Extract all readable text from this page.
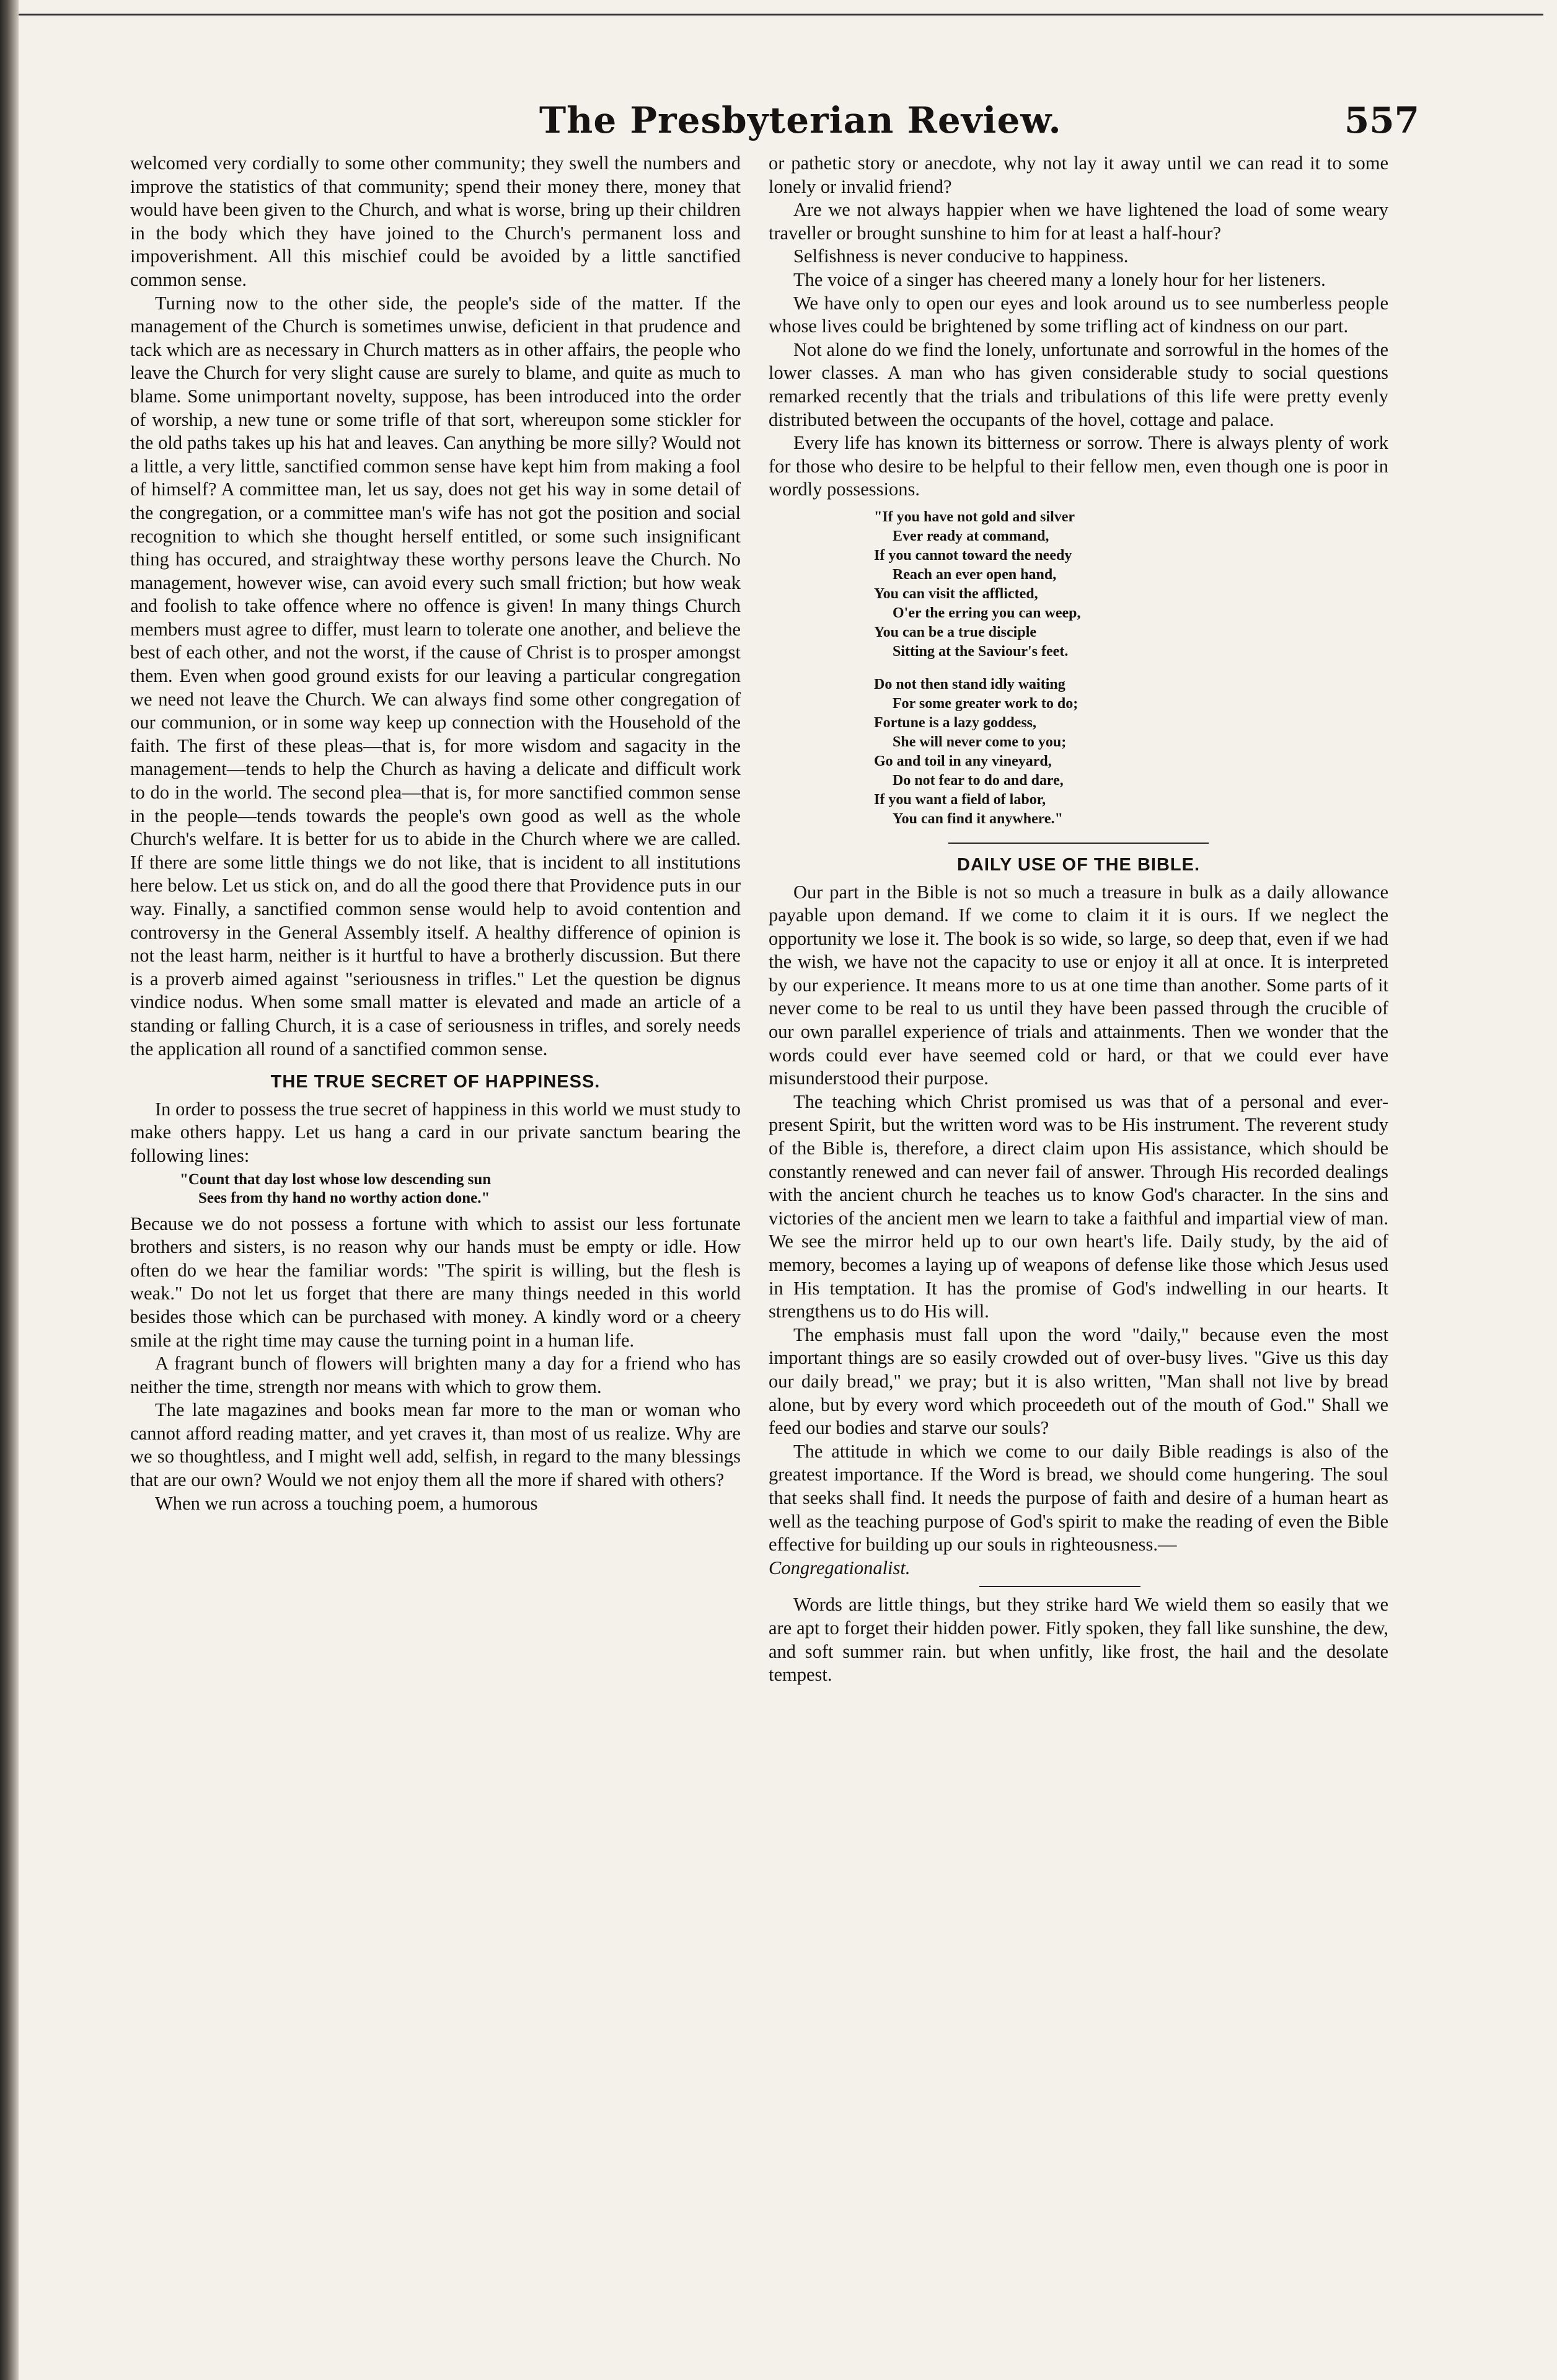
The Presbyterian Review.	557

welcomed very cordially to some other community; they swell the numbers and improve the statistics of that community; spend their money there, money that would have been given to the Church, and what is worse, bring up their children in the body which they have joined to the Church's permanent loss and impoverishment. All this mischief could be avoided by a little sanctified common sense.

Turning now to the other side, the people's side of the matter. If the management of the Church is sometimes unwise, deficient in that prudence and tack which are as necessary in Church matters as in other affairs, the people who leave the Church for very slight cause are surely to blame, and quite as much to blame. Some unimportant novelty, suppose, has been introduced into the order of worship, a new tune or some trifle of that sort, whereupon some stickler for the old paths takes up his hat and leaves. Can anything be more silly? Would not a little, a very little, sanctified common sense have kept him from making a fool of himself? A committee man, let us say, does not get his way in some detail of the congregation, or a committee man's wife has not got the position and social recognition to which she thought herself entitled, or some such insignificant thing has occured, and straightway these worthy persons leave the Church. No management, however wise, can avoid every such small friction; but how weak and foolish to take offence where no offence is given! In many things Church members must agree to differ, must learn to tolerate one another, and believe the best of each other, and not the worst, if the cause of Christ is to prosper amongst them. Even when good ground exists for our leaving a particular congregation we need not leave the Church. We can always find some other congregation of our communion, or in some way keep up connection with the Household of the faith. The first of these pleas—that is, for more wisdom and sagacity in the management—tends to help the Church as having a delicate and difficult work to do in the world. The second plea—that is, for more sanctified common sense in the people—tends towards the people's own good as well as the whole Church's welfare. It is better for us to abide in the Church where we are called. If there are some little things we do not like, that is incident to all institutions here below. Let us stick on, and do all the good there that Providence puts in our way. Finally, a sanctified common sense would help to avoid contention and controversy in the General Assembly itself. A healthy difference of opinion is not the least harm, neither is it hurtful to have a brotherly discussion. But there is a proverb aimed against "seriousness in trifles." Let the question be dignus vindice nodus. When some small matter is elevated and made an article of a standing or falling Church, it is a case of seriousness in trifles, and sorely needs the application all round of a sanctified common sense.

THE TRUE SECRET OF HAPPINESS.

In order to possess the true secret of happiness in this world we must study to make others happy. Let us hang a card in our private sanctum bearing the following lines:

"Count that day lost whose low descending sun
Sees from thy hand no worthy action done."

Because we do not possess a fortune with which to assist our less fortunate brothers and sisters, is no reason why our hands must be empty or idle. How often do we hear the familiar words: "The spirit is willing, but the flesh is weak." Do not let us forget that there are many things needed in this world besides those which can be purchased with money. A kindly word or a cheery smile at the right time may cause the turning point in a human life.

A fragrant bunch of flowers will brighten many a day for a friend who has neither the time, strength nor means with which to grow them.

The late magazines and books mean far more to the man or woman who cannot afford reading matter, and yet craves it, than most of us realize. Why are we so thoughtless, and I might well add, selfish, in regard to the many blessings that are our own? Would we not enjoy them all the more if shared with others?

When we run across a touching poem, a humorous

or pathetic story or anecdote, why not lay it away until we can read it to some lonely or invalid friend?

Are we not always happier when we have lightened the load of some weary traveller or brought sunshine to him for at least a half-hour?

Selfishness is never conducive to happiness.

The voice of a singer has cheered many a lonely hour for her listeners.

We have only to open our eyes and look around us to see numberless people whose lives could be brightened by some trifling act of kindness on our part.

Not alone do we find the lonely, unfortunate and sorrowful in the homes of the lower classes. A man who has given considerable study to social questions remarked recently that the trials and tribulations of this life were pretty evenly distributed between the occupants of the hovel, cottage and palace.

Every life has known its bitterness or sorrow. There is always plenty of work for those who desire to be helpful to their fellow men, even though one is poor in wordly possessions.

"If you have not gold and silver
Ever ready at command,
If you cannot toward the needy
Reach an ever open hand,
You can visit the afflicted,
O'er the erring you can weep,
You can be a true disciple
Sitting at the Saviour's feet.
Do not then stand idly waiting
For some greater work to do;
Fortune is a lazy goddess,
She will never come to you;
Go and toil in any vineyard,
Do not fear to do and dare,
If you want a field of labor,
You can find it anywhere."
DAILY USE OF THE BIBLE.

Our part in the Bible is not so much a treasure in bulk as a daily allowance payable upon demand. If we come to claim it it is ours. If we neglect the opportunity we lose it. The book is so wide, so large, so deep that, even if we had the wish, we have not the capacity to use or enjoy it all at once. It is interpreted by our experience. It means more to us at one time than another. Some parts of it never come to be real to us until they have been passed through the crucible of our own parallel experience of trials and attainments. Then we wonder that the words could ever have seemed cold or hard, or that we could ever have misunderstood their purpose.

The teaching which Christ promised us was that of a personal and ever-present Spirit, but the written word was to be His instrument. The reverent study of the Bible is, therefore, a direct claim upon His assistance, which should be constantly renewed and can never fail of answer. Through His recorded dealings with the ancient church he teaches us to know God's character. In the sins and victories of the ancient men we learn to take a faithful and impartial view of man. We see the mirror held up to our own heart's life. Daily study, by the aid of memory, becomes a laying up of weapons of defense like those which Jesus used in His temptation. It has the promise of God's indwelling in our hearts. It strengthens us to do His will.

The emphasis must fall upon the word "daily," because even the most important things are so easily crowded out of over-busy lives. "Give us this day our daily bread," we pray; but it is also written, "Man shall not live by bread alone, but by every word which proceedeth out of the mouth of God." Shall we feed our bodies and starve our souls?

The attitude in which we come to our daily Bible readings is also of the greatest importance. If the Word is bread, we should come hungering. The soul that seeks shall find. It needs the purpose of faith and desire of a human heart as well as the teaching purpose of God's spirit to make the reading of even the Bible effective for building up our souls in righteousness.—
Congregationalist.

Words are little things, but they strike hard We wield them so easily that we are apt to forget their hidden power. Fitly spoken, they fall like sunshine, the dew, and soft summer rain. but when unfitly, like frost, the hail and the desolate tempest.
